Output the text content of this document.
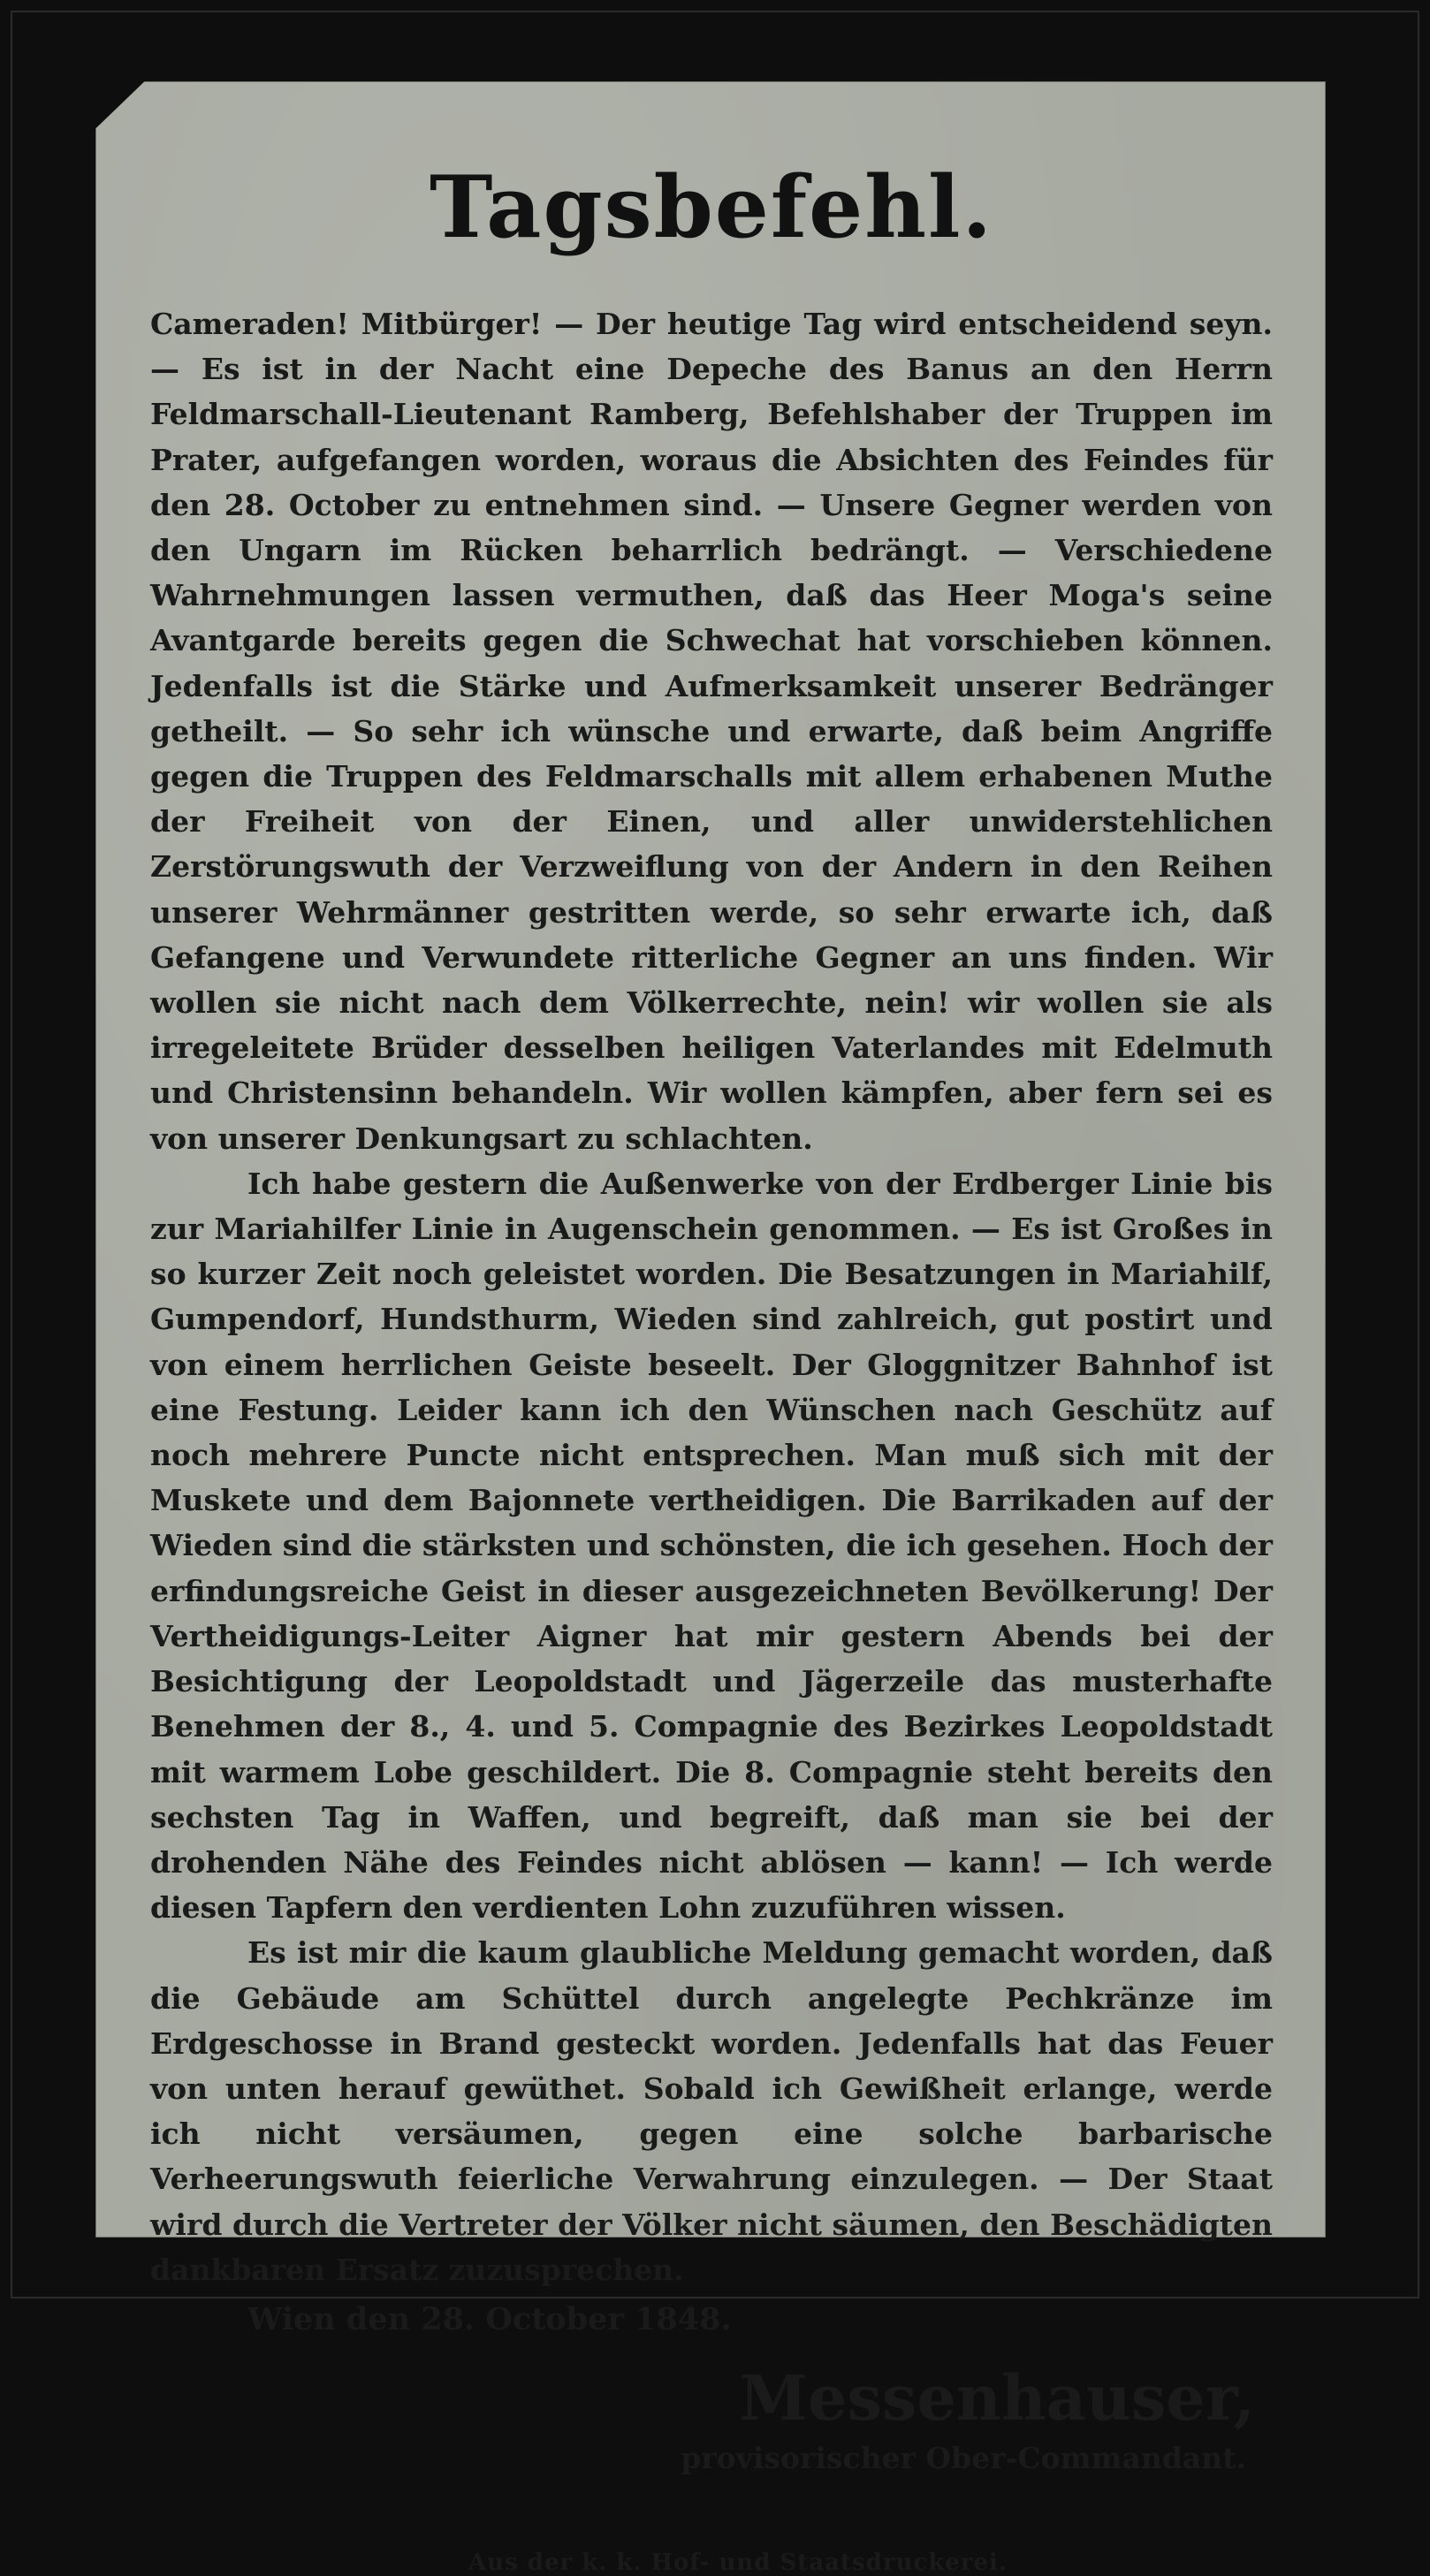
Tagsbefehl.

Cameraden! Mitbürger! — Der heutige Tag wird entscheidend seyn. — Es ist in der Nacht eine Depeche des Banus an den Herrn Feldmarschall-Lieutenant Ramberg, Befehlshaber der Truppen im Prater, aufgefangen worden, woraus die Absichten des Feindes für den 28. October zu entnehmen sind. — Unsere Gegner werden von den Ungarn im Rücken beharrlich bedrängt. — Verschiedene Wahrnehmungen lassen vermuthen, daß das Heer Moga's seine Avantgarde bereits gegen die Schwechat hat vorschieben können. Jedenfalls ist die Stärke und Aufmerksamkeit unserer Bedränger getheilt. — So sehr ich wünsche und erwarte, daß beim Angriffe gegen die Truppen des Feldmarschalls mit allem erhabenen Muthe der Freiheit von der Einen, und aller unwiderstehlichen Zerstörungswuth der Verzweiflung von der Andern in den Reihen unserer Wehrmänner gestritten werde, so sehr erwarte ich, daß Gefangene und Verwundete ritterliche Gegner an uns finden. Wir wollen sie nicht nach dem Völkerrechte, nein! wir wollen sie als irregeleitete Brüder desselben heiligen Vaterlandes mit Edelmuth und Christensinn behandeln. Wir wollen kämpfen, aber fern sei es von unserer Denkungsart zu schlachten.

Ich habe gestern die Außenwerke von der Erdberger Linie bis zur Mariahilfer Linie in Augenschein genommen. — Es ist Großes in so kurzer Zeit noch geleistet worden. Die Besatzungen in Mariahilf, Gumpendorf, Hundsthurm, Wieden sind zahlreich, gut postirt und von einem herrlichen Geiste beseelt. Der Gloggnitzer Bahnhof ist eine Festung. Leider kann ich den Wünschen nach Geschütz auf noch mehrere Puncte nicht entsprechen. Man muß sich mit der Muskete und dem Bajonnete vertheidigen. Die Barrikaden auf der Wieden sind die stärksten und schönsten, die ich gesehen. Hoch der erfindungsreiche Geist in dieser ausgezeichneten Bevölkerung! Der Vertheidigungs-Leiter Aigner hat mir gestern Abends bei der Besichtigung der Leopoldstadt und Jägerzeile das musterhafte Benehmen der 8., 4. und 5. Compagnie des Bezirkes Leopoldstadt mit warmem Lobe geschildert. Die 8. Compagnie steht bereits den sechsten Tag in Waffen, und begreift, daß man sie bei der drohenden Nähe des Feindes nicht ablösen — kann! — Ich werde diesen Tapfern den verdienten Lohn zuzuführen wissen.

Es ist mir die kaum glaubliche Meldung gemacht worden, daß die Gebäude am Schüttel durch angelegte Pechkränze im Erdgeschosse in Brand gesteckt worden. Jedenfalls hat das Feuer von unten herauf gewüthet. Sobald ich Gewißheit erlange, werde ich nicht versäumen, gegen eine solche barbarische Verheerungswuth feierliche Verwahrung einzulegen. — Der Staat wird durch die Vertreter der Völker nicht säumen, den Beschädigten dankbaren Ersatz zuzusprechen.

Wien den 28. October 1848.
Messenhauser,
provisorischer Ober-Commandant.
Aus der k. k. Hof- und Staatsdruckerei.
